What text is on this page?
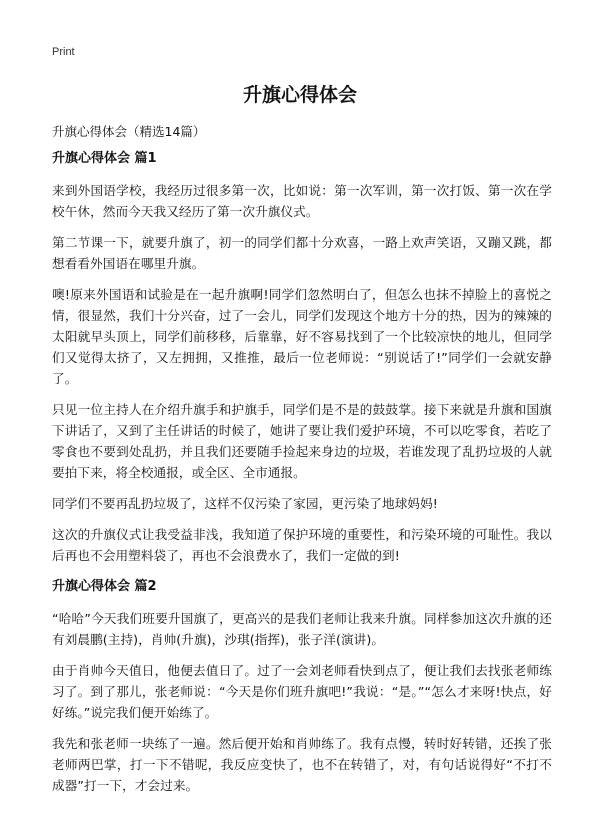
Print
升旗心得体会

升旗心得体会（精选14篇）

升旗心得体会 篇1

来到外国语学校，我经历过很多第一次，比如说：第一次军训，第一次打饭、第一次在学校午休，然而今天我又经历了第一次升旗仪式。

第二节课一下，就要升旗了，初一的同学们都十分欢喜，一路上欢声笑语，又蹦又跳，都想看看外国语在哪里升旗。

噢!原来外国语和试验是在一起升旗啊!同学们忽然明白了，但怎么也抹不掉脸上的喜悦之情，很显然，我们十分兴奋，过了一会儿，同学们发现这个地方十分的热，因为的辣辣的太阳就早头顶上，同学们前移移，后靠靠，好不容易找到了一个比较凉快的地儿，但同学们又觉得太挤了，又左拥拥，又推推，最后一位老师说：“别说话了!”同学们一会就安静了。

只见一位主持人在介绍升旗手和护旗手，同学们是不是的鼓鼓掌。接下来就是升旗和国旗下讲话了，又到了主任讲话的时候了，她讲了要让我们爱护环境，不可以吃零食，若吃了零食也不要到处乱扔，并且我们还要随手捡起来身边的垃圾，若谁发现了乱扔垃圾的人就要拍下来，将全校通报，或全区、全市通报。

同学们不要再乱扔垃圾了，这样不仅污染了家园，更污染了地球妈妈!

这次的升旗仪式让我受益非浅，我知道了保护环境的重要性，和污染环境的可耻性。我以后再也不会用塑料袋了，再也不会浪费水了，我们一定做的到!

升旗心得体会 篇2

“哈哈”今天我们班要升国旗了，更高兴的是我们老师让我来升旗。同样参加这次升旗的还有刘晨鹏(主持)，肖帅(升旗)，沙琪(指挥)，张子洋(演讲)。

由于肖帅今天值日，他便去值日了。过了一会刘老师看快到点了，便让我们去找张老师练习了。到了那儿，张老师说：“今天是你们班升旗吧!”我说：“是。”“怎么才来呀!快点，好好练。”说完我们便开始练了。

我先和张老师一块练了一遍。然后便开始和肖帅练了。我有点慢，转时好转错，还挨了张老师两巴掌，打一下不错呢，我反应变快了，也不在转错了，对，有句话说得好“不打不成器”打一下，才会过来。
